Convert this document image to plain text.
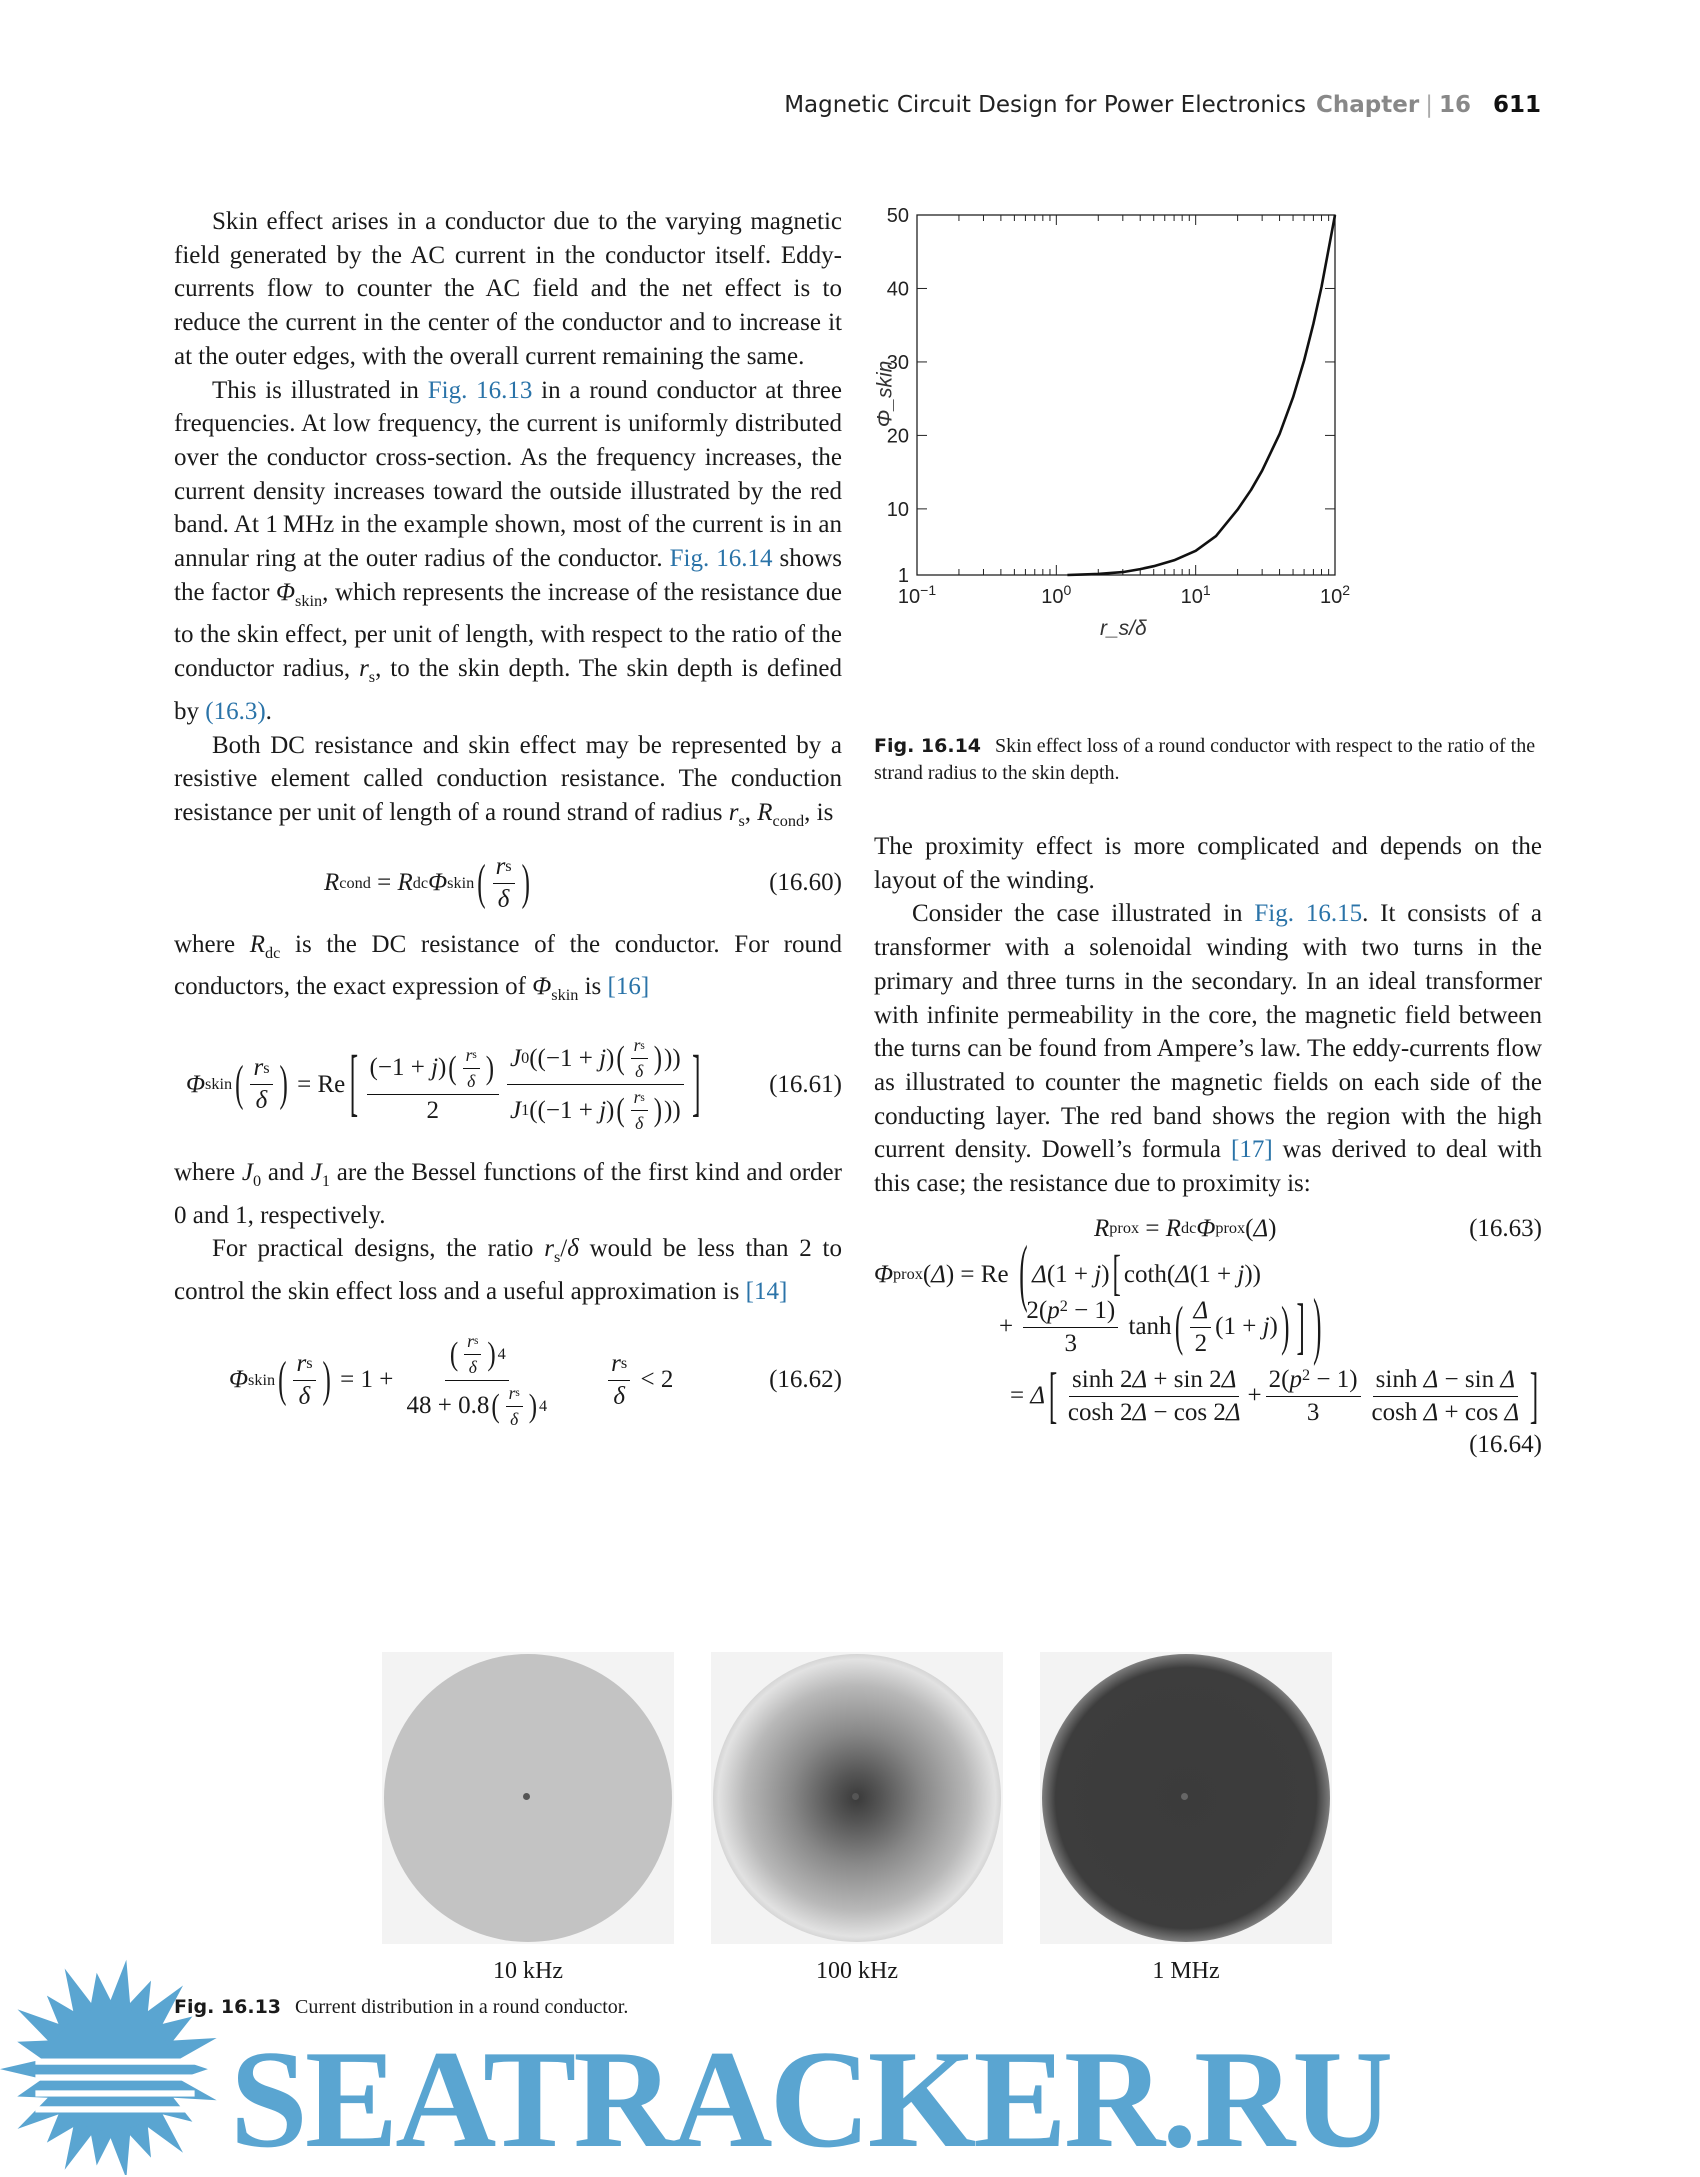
Magnetic Circuit Design for Power Electronics Chapter | 16 611
Skin effect arises in a conductor due to the varying magnetic field generated by the AC current in the conductor itself. Eddy-currents flow to counter the AC field and the net effect is to reduce the current in the center of the conductor and to increase it at the outer edges, with the overall current remaining the same.
This is illustrated in Fig. 16.13 in a round conductor at three frequencies. At low frequency, the current is uniformly distributed over the conductor cross-section. As the frequency increases, the current density increases toward the outside illustrated by the red band. At 1 MHz in the example shown, most of the current is in an annular ring at the outer radius of the conductor. Fig. 16.14 shows the factor $\Phi_{skin}$, which represents the increase of the resistance due to the skin effect, per unit of length, with respect to the ratio of the conductor radius, $r_s$, to the skin depth. The skin depth is defined by (16.3).
Both DC resistance and skin effect may be represented by a resistive element called conduction resistance. The conduction resistance per unit of length of a round strand of radius $r_s$, $R_{cond}$, is
R cond = R dc Φ skin ( $\frac{\text{r s}}{\delta}$ )	(16.60)
where $R_{dc}$ is the DC resistance of the conductor. For round conductors, the exact expression of $\Phi_{skin}$ is [16]
Φ skin ( $\frac{\text{r s}}{\delta}$ ) = Re [ $\frac{(-1 + j ) ( \frac{\text{r s}}{\delta} )}{2} \frac{J 0 ((-1 + j ) ( \frac{\text{r s}}{\delta} ) ))}{J 1 ((-1 + j ) ( \frac{\text{r s}}{\delta} ) ))}$ ]	(16.61)
where $J_0$ and $J_1$ are the Bessel functions of the first kind and order 0 and 1, respectively.
For practical designs, the ratio $r_s/\delta$ would be less than 2 to control the skin effect loss and a useful approximation is [14]
Φ skin ( $\frac{\text{r s}}{\delta}$ ) = $1 + \frac{( \frac{\text{r s}}{\delta} ) 4}{48 + 0.8 ( \frac{\text{r s}}{\delta} ) 4}$
   $\frac{\text{r s}}{\delta} < 2$	(16.62)
1
10
20
30
40
50
$10^{-1}$	$10^0$	$10^1$	$10^2$
r_s/δ
Φ_skin
Fig. 16.14 Skin effect loss of a round conductor with respect to the ratio of the strand radius to the skin depth.
The proximity effect is more complicated and depends on the layout of the winding.
Consider the case illustrated in Fig. 16.15. It consists of a transformer with a solenoidal winding with two turns in the primary and three turns in the secondary. In an ideal transformer with infinite permeability in the core, the magnetic field between the turns can be found from Ampere’s law. The eddy-currents flow as illustrated to counter the magnetic fields on each side of the conducting layer. The red band shows the region with the high current density. Dowell’s formula [17] was derived to deal with this case; the resistance due to proximity is:
R prox = R dc Φ prox ( Δ )	(16.63)
Φ prox ( Δ ) = Re ( Δ (1 + j ) [ coth( Δ (1 + j ))
+ $\frac{2( p 2 - 1)}{3}$ tanh ( $\frac{\Delta}{2} (1 + j$ ) ) ] )
= Δ [ $\frac{\sinh 2 \Delta + \sin 2 \Delta}{\cosh 2 \Delta - \cos 2 \Delta} + \frac{2( p 2 - 1)}{3} \frac{\text{sinh Δ − sin Δ}}{\text{cosh Δ + cos Δ}}$ ]
(16.64)
10 kHz	100 kHz	1 MHz
Fig. 16.13 Current distribution in a round conductor.
SEATRACKER.RU
